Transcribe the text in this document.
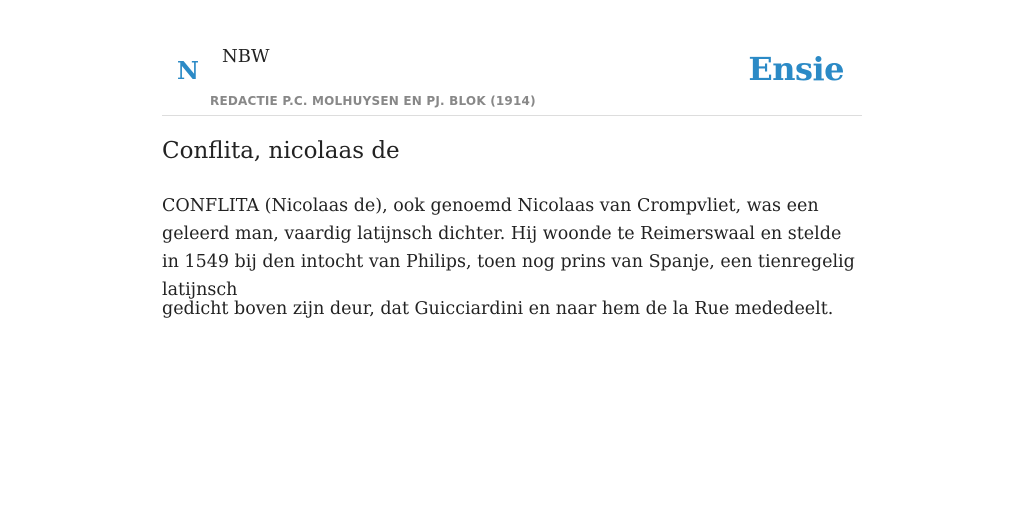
N NBW
REDACTIE P.C. MOLHUYSEN EN PJ. BLOK (1914)
Ensie
Conflita, nicolaas de

CONFLITA (Nicolaas de), ook genoemd Nicolaas van Crompvliet, was een geleerd man, vaardig latijnsch dichter. Hij woonde te Reimerswaal en stelde in 1549 bij den intocht van Philips, toen nog prins van Spanje, een tienregelig latijnsch

gedicht boven zijn deur, dat Guicciardini en naar hem de la Rue mededeelt.
